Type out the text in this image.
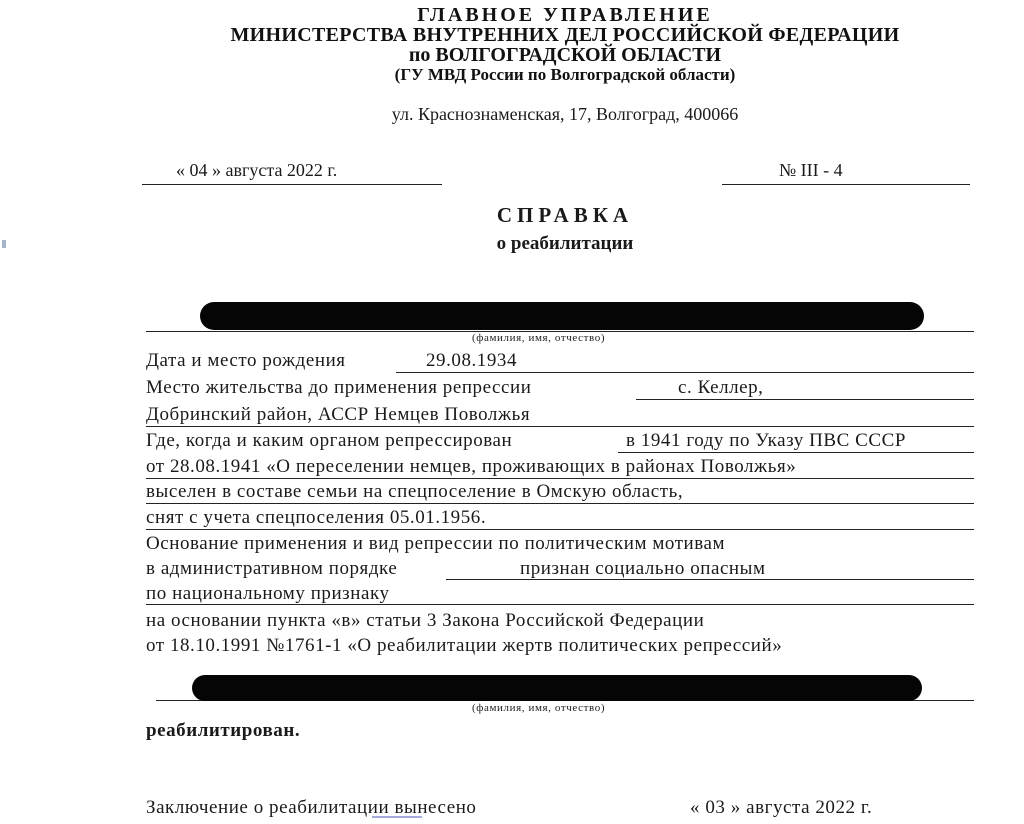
ГЛАВНОЕ УПРАВЛЕНИЕ
МИНИСТЕРСТВА ВНУТРЕННИХ ДЕЛ РОССИЙСКОЙ ФЕДЕРАЦИИ
по ВОЛГОГРАДСКОЙ ОБЛАСТИ
(ГУ МВД России по Волгоградской области)
ул. Краснознаменская, 17, Волгоград, 400066
« 04 » августа 2022 г.	№ III - 4
СПРАВКА
о реабилитации
(фамилия, имя, отчество)
Дата и место рождения	29.08.1934
Место жительства до применения репрессии	с. Келлер,
Добринский район, АССР Немцев Поволжья
Где, когда и каким органом репрессирован	в 1941 году по Указу ПВС СССР
от 28.08.1941 «О переселении немцев, проживающих в районах Поволжья»
выселен в составе семьи на спецпоселение в Омскую область,
снят с учета спецпоселения 05.01.1956.
Основание применения и вид репрессии по политическим мотивам
в административном порядке	признан социально опасным
по национальному признаку
на основании пункта «в» статьи 3 Закона Российской Федерации
от 18.10.1991 №1761-1 «О реабилитации жертв политических репрессий»
(фамилия, имя, отчество)
реабилитирован.
Заключение о реабилитации вынесено	« 03 » августа 2022 г.
